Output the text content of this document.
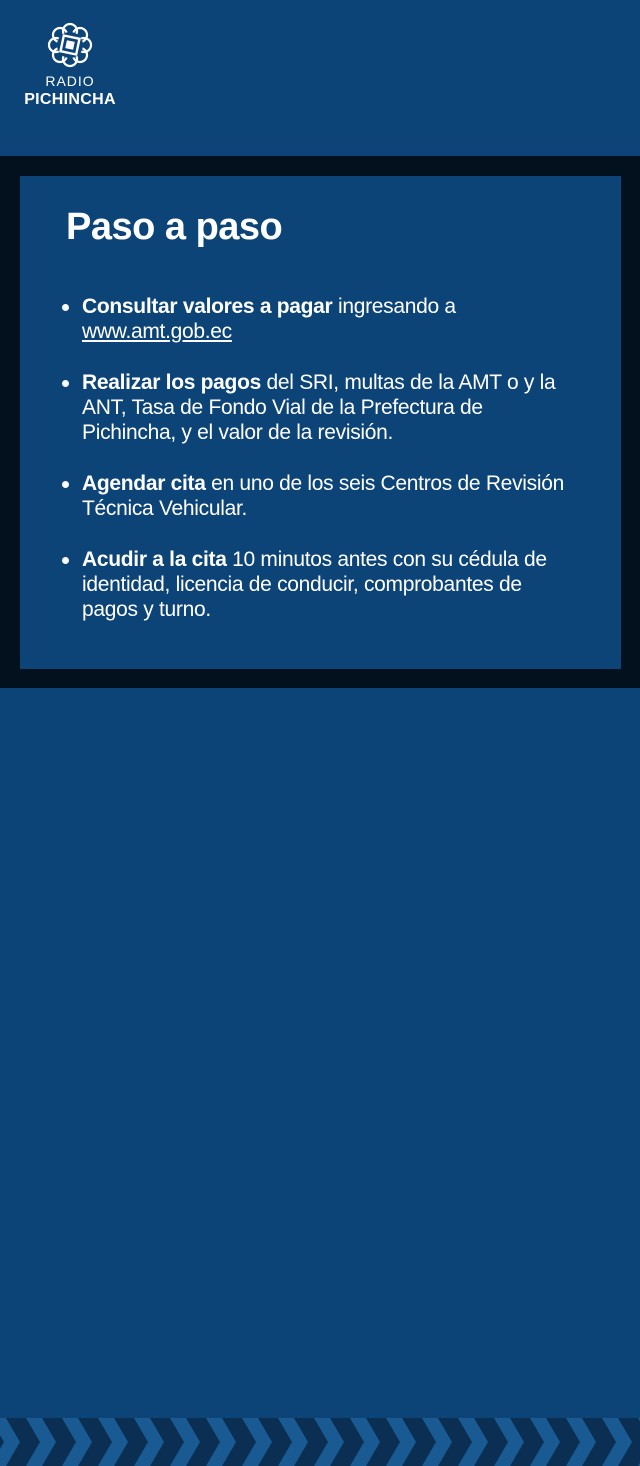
RADIO
PICHINCHA
Paso a paso
Consultar valores a pagar ingresando a www.amt.gob.ec
Realizar los pagos del SRI, multas de la AMT o y la ANT, Tasa de Fondo Vial de la Prefectura de Pichincha, y el valor de la revisión.
Agendar cita en uno de los seis Centros de Revisión Técnica Vehicular.
Acudir a la cita 10 minutos antes con su cédula de identidad, licencia de conducir, comprobantes de pagos y turno.
